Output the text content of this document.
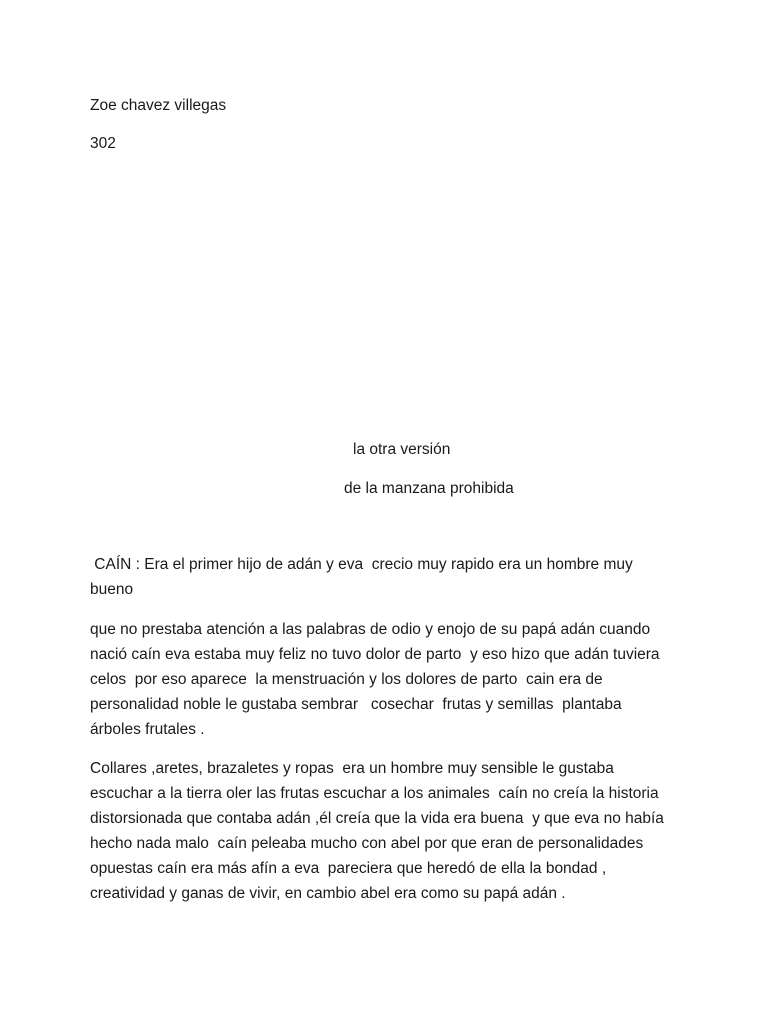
Zoe chavez villegas

302

la otra versión

de la manzana prohibida

CAÍN : Era el primer hijo de adán y eva  crecio muy rapido era un hombre muy
bueno
que no prestaba atención a las palabras de odio y enojo de su papá adán cuando
nació caín eva estaba muy feliz no tuvo dolor de parto  y eso hizo que adán tuviera
celos  por eso aparece  la menstruación y los dolores de parto  cain era de
personalidad noble le gustaba sembrar   cosechar  frutas y semillas  plantaba
árboles frutales .
Collares ,aretes, brazaletes y ropas  era un hombre muy sensible le gustaba
escuchar a la tierra oler las frutas escuchar a los animales  caín no creía la historia
distorsionada que contaba adán ,él creía que la vida era buena  y que eva no había
hecho nada malo  caín peleaba mucho con abel por que eran de personalidades
opuestas caín era más afín a eva  pareciera que heredó de ella la bondad ,
creatividad y ganas de vivir, en cambio abel era como su papá adán .
